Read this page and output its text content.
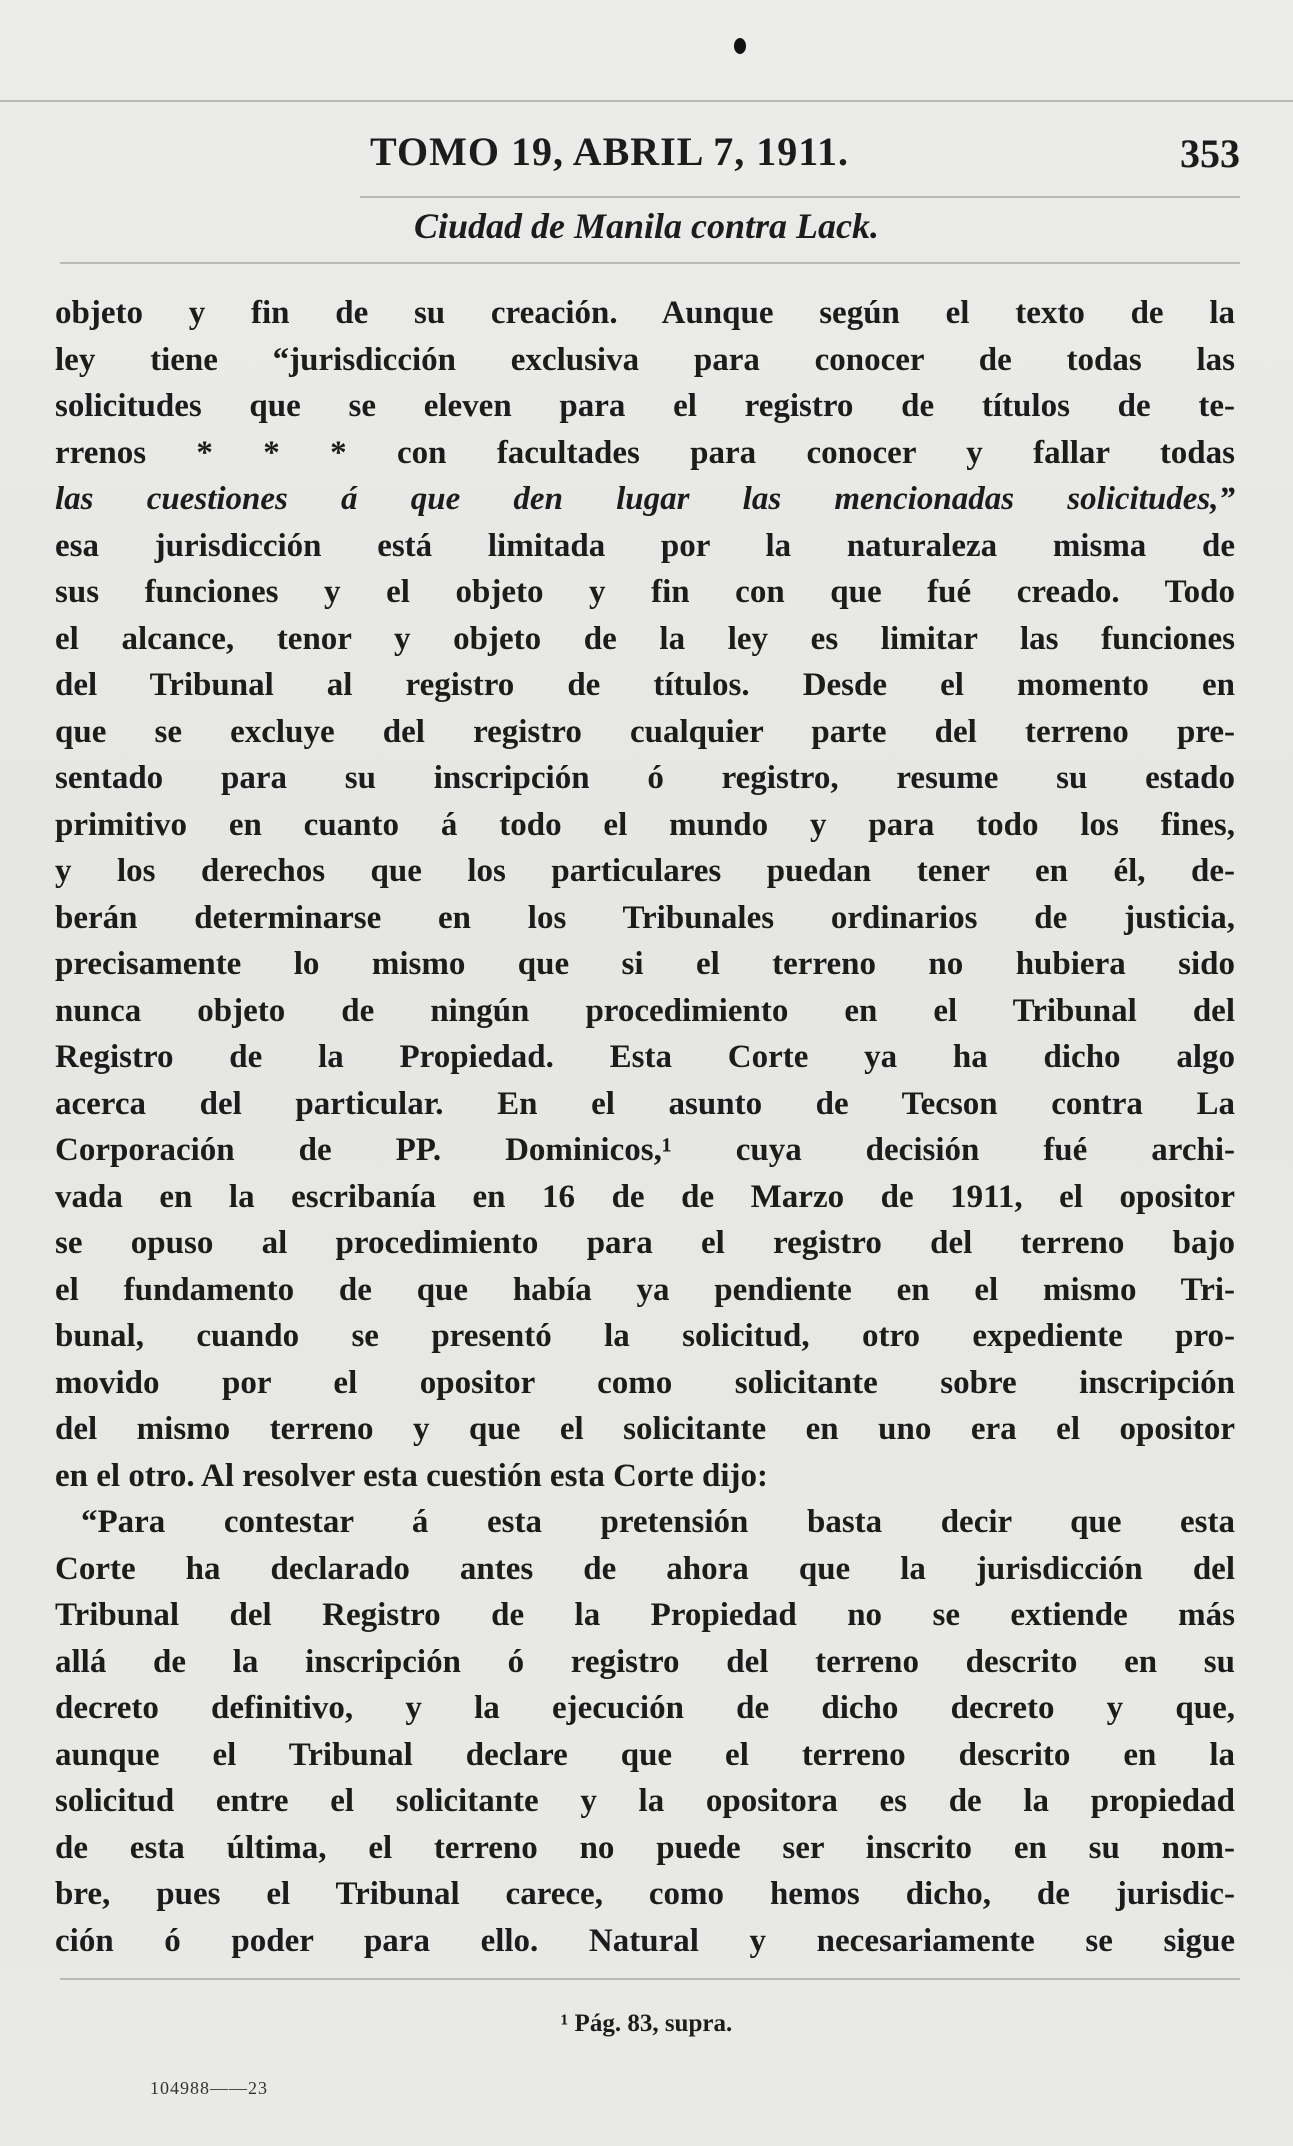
TOMO 19, ABRIL 7, 1911.	353
Ciudad de Manila contra Lack.
objeto y fin de su creación. Aunque según el texto de la
ley tiene “jurisdicción exclusiva para conocer de todas las
solicitudes que se eleven para el registro de títulos de te-
rrenos * * * con facultades para conocer y fallar todas
las cuestiones á que den lugar las mencionadas solicitudes,”
esa jurisdicción está limitada por la naturaleza misma de
sus funciones y el objeto y fin con que fué creado. Todo
el alcance, tenor y objeto de la ley es limitar las funciones
del Tribunal al registro de títulos. Desde el momento en
que se excluye del registro cualquier parte del terreno pre-
sentado para su inscripción ó registro, resume su estado
primitivo en cuanto á todo el mundo y para todo los fines,
y los derechos que los particulares puedan tener en él, de-
berán determinarse en los Tribunales ordinarios de justicia,
precisamente lo mismo que si el terreno no hubiera sido
nunca objeto de ningún procedimiento en el Tribunal del
Registro de la Propiedad. Esta Corte ya ha dicho algo
acerca del particular. En el asunto de Tecson contra La
Corporación de PP. Dominicos,¹ cuya decisión fué archi-
vada en la escribanía en 16 de de Marzo de 1911, el opositor
se opuso al procedimiento para el registro del terreno bajo
el fundamento de que había ya pendiente en el mismo Tri-
bunal, cuando se presentó la solicitud, otro expediente pro-
movido por el opositor como solicitante sobre inscripción
del mismo terreno y que el solicitante en uno era el opositor
en el otro. Al resolver esta cuestión esta Corte dijo:
“Para contestar á esta pretensión basta decir que esta
Corte ha declarado antes de ahora que la jurisdicción del
Tribunal del Registro de la Propiedad no se extiende más
allá de la inscripción ó registro del terreno descrito en su
decreto definitivo, y la ejecución de dicho decreto y que,
aunque el Tribunal declare que el terreno descrito en la
solicitud entre el solicitante y la opositora es de la propiedad
de esta última, el terreno no puede ser inscrito en su nom-
bre, pues el Tribunal carece, como hemos dicho, de jurisdic-
ción ó poder para ello. Natural y necesariamente se sigue
¹ Pág. 83, supra.
104988——23
